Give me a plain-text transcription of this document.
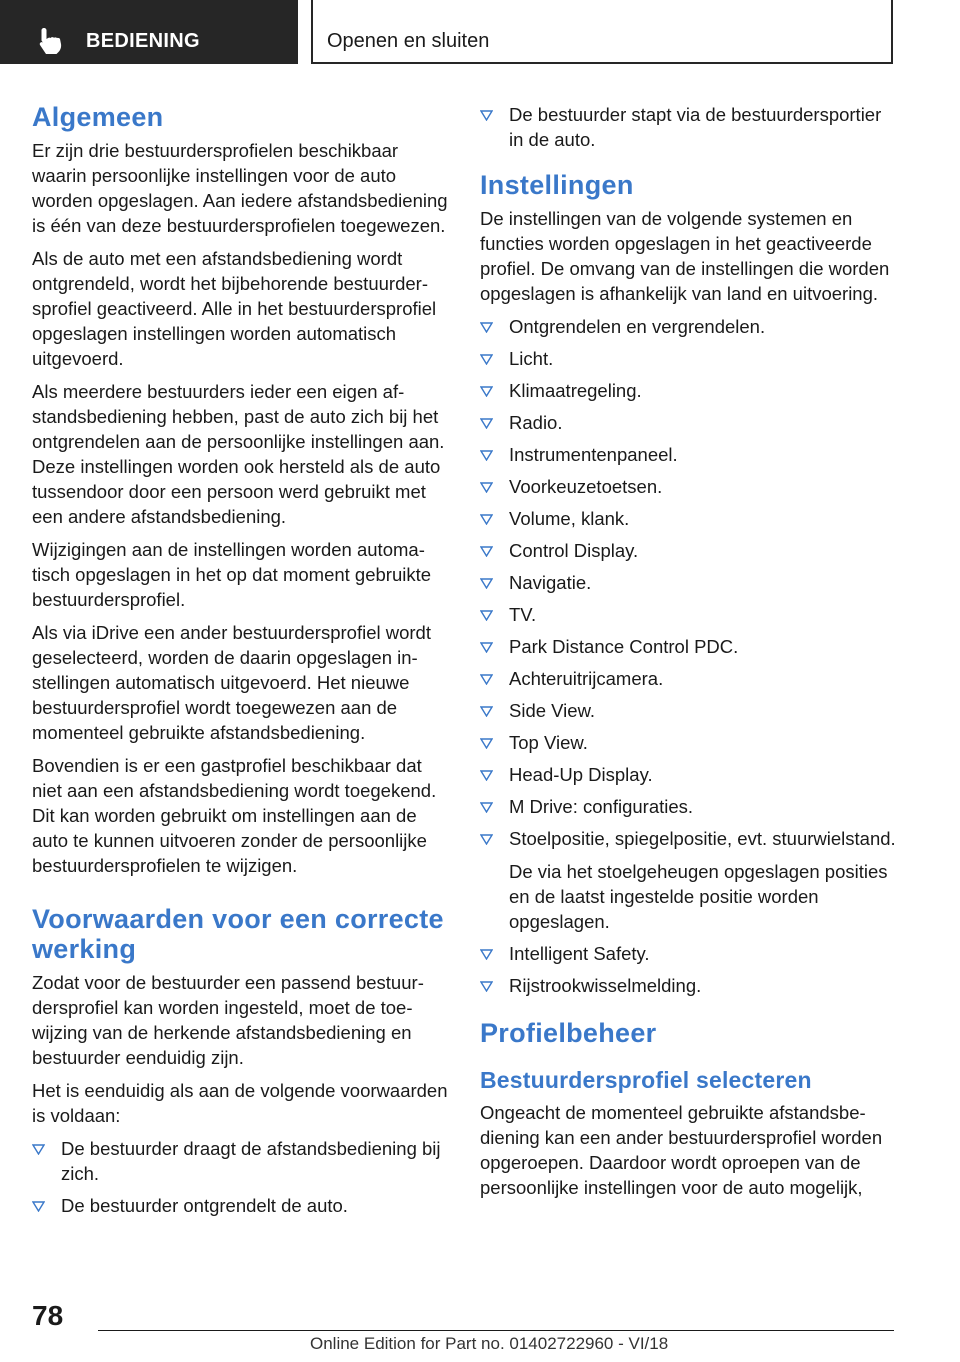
BEDIENING	Openen en sluiten
Algemeen

Er zijn drie bestuurdersprofielen beschikbaar waarin persoonlijke instellingen voor de auto worden opgeslagen. Aan iedere afstandsbediening is één van deze bestuurdersprofielen toegewezen.

Als de auto met een afstandsbediening wordt ontgrendeld, wordt het bijbehorende bestuurdersprofiel geactiveerd. Alle in het bestuurdersprofiel opgeslagen instellingen worden automatisch uitgevoerd.

Als meerdere bestuurders ieder een eigen afstandsbediening hebben, past de auto zich bij het ontgrendelen aan de persoonlijke instellingen aan. Deze instellingen worden ook hersteld als de auto tussendoor door een persoon werd gebruikt met een andere afstandsbediening.

Wijzigingen aan de instellingen worden automatisch opgeslagen in het op dat moment gebruikte bestuurdersprofiel.

Als via iDrive een ander bestuurdersprofiel wordt geselecteerd, worden de daarin opgeslagen instellingen automatisch uitgevoerd. Het nieuwe bestuurdersprofiel wordt toegewezen aan de momenteel gebruikte afstandsbediening.

Bovendien is er een gastprofiel beschikbaar dat niet aan een afstandsbediening wordt toegekend. Dit kan worden gebruikt om instellingen aan de auto te kunnen uitvoeren zonder de persoonlijke bestuurdersprofielen te wijzigen.

Voorwaarden voor een correcte werking

Zodat voor de bestuurder een passend bestuurdersprofiel kan worden ingesteld, moet de toewijzing van de herkende afstandsbediening en bestuurder eenduidig zijn.

Het is eenduidig als aan de volgende voorwaarden is voldaan:

De bestuurder draagt de afstandsbediening bij zich.
De bestuurder ontgrendelt de auto.
De bestuurder stapt via de bestuurdersportier in de auto.
Instellingen

De instellingen van de volgende systemen en functies worden opgeslagen in het geactiveerde profiel. De omvang van de instellingen die worden opgeslagen is afhankelijk van land en uitvoering.

Ontgrendelen en vergrendelen.
Licht.
Klimaatregeling.
Radio.
Instrumentenpaneel.
Voorkeuzetoetsen.
Volume, klank.
Control Display.
Navigatie.
TV.
Park Distance Control PDC.
Achteruitrijcamera.
Side View.
Top View.
Head-Up Display.
M Drive: configuraties.
Stoelpositie, spiegelpositie, evt. stuurwielstand.
De via het stoelgeheugen opgeslagen posities en de laatst ingestelde positie worden opgeslagen.
Intelligent Safety.
Rijstrookwisselmelding.
Profielbeheer
Bestuurdersprofiel selecteren

Ongeacht de momenteel gebruikte afstandsbediening kan een ander bestuurdersprofiel worden opgeroepen. Daardoor wordt oproepen van de persoonlijke instellingen voor de auto mogelijk,

78
Online Edition for Part no. 01402722960 - VI/18
